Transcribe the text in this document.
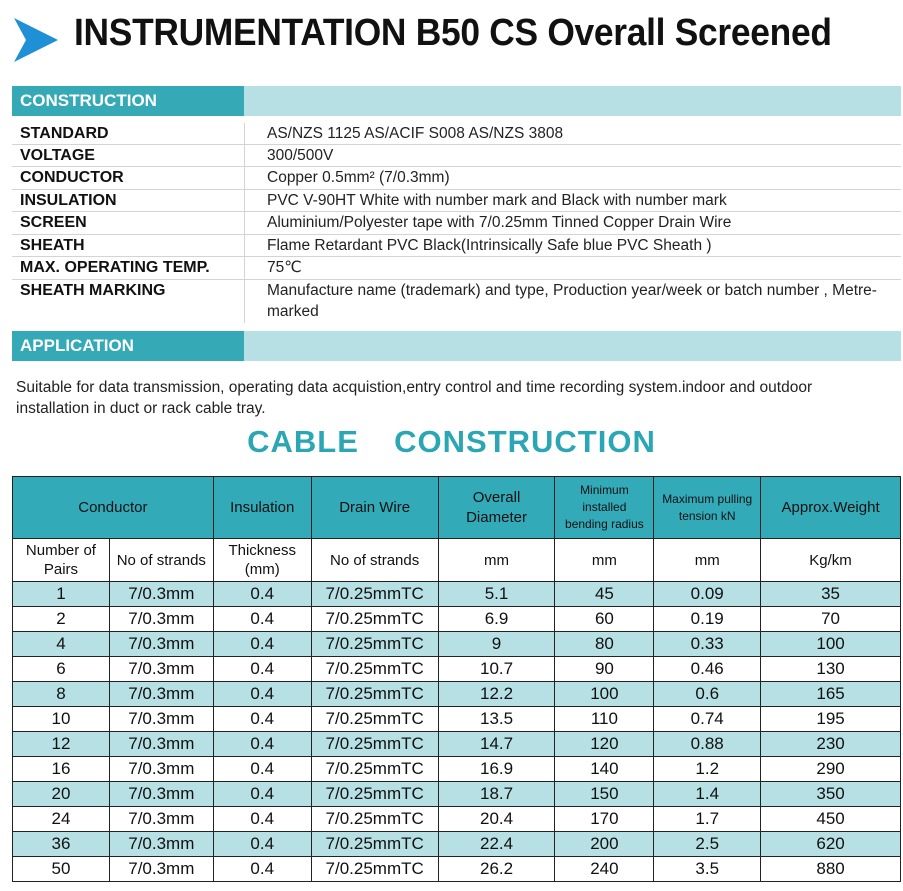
INSTRUMENTATION B50 CS Overall Screened
CONSTRUCTION
STANDARD	AS/NZS 1125 AS/ACIF S008 AS/NZS 3808
VOLTAGE	300/500V
CONDUCTOR	Copper 0.5mm² (7/0.3mm)
INSULATION	PVC V-90HT White with number mark and Black with number mark
SCREEN	Aluminium/Polyester tape with 7/0.25mm Tinned Copper Drain Wire
SHEATH	Flame Retardant PVC Black(Intrinsically Safe blue PVC Sheath )
MAX. OPERATING TEMP.	75℃
SHEATH MARKING	Manufacture name (trademark) and type, Production year/week or batch number , Metre-marked
APPLICATION
Suitable for data transmission, operating data acquistion,entry control and time recording system.indoor and outdoor installation in duct or rack cable tray.
CABLE  CONSTRUCTION
Conductor		Insulation	Drain Wire	Overall Diameter	Minimum installed bending radius	Maximum pulling tension kN	Approx.Weight
Number of Pairs	No of strands	Thickness (mm)	No of strands	mm	mm	mm	Kg/km
1	7/0.3mm	0.4	7/0.25mmTC	5.1	45	0.09	35
2	7/0.3mm	0.4	7/0.25mmTC	6.9	60	0.19	70
4	7/0.3mm	0.4	7/0.25mmTC	9	80	0.33	100
6	7/0.3mm	0.4	7/0.25mmTC	10.7	90	0.46	130
8	7/0.3mm	0.4	7/0.25mmTC	12.2	100	0.6	165
10	7/0.3mm	0.4	7/0.25mmTC	13.5	110	0.74	195
12	7/0.3mm	0.4	7/0.25mmTC	14.7	120	0.88	230
16	7/0.3mm	0.4	7/0.25mmTC	16.9	140	1.2	290
20	7/0.3mm	0.4	7/0.25mmTC	18.7	150	1.4	350
24	7/0.3mm	0.4	7/0.25mmTC	20.4	170	1.7	450
36	7/0.3mm	0.4	7/0.25mmTC	22.4	200	2.5	620
50	7/0.3mm	0.4	7/0.25mmTC	26.2	240	3.5	880
